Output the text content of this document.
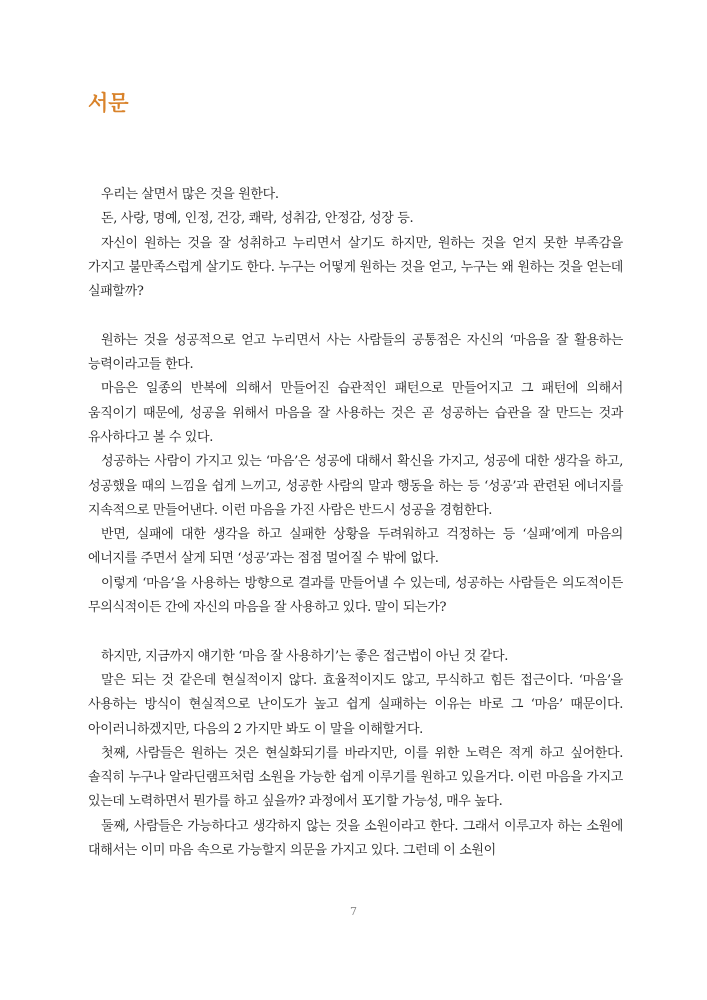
서문

우리는 살면서 많은 것을 원한다.

돈, 사랑, 명예, 인정, 건강, 쾌락, 성취감, 안정감, 성장 등.

자신이 원하는 것을 잘 성취하고 누리면서 살기도 하지만, 원하는 것을 얻지 못한 부족감을 가지고 불만족스럽게 살기도 한다. 누구는 어떻게 원하는 것을 얻고, 누구는 왜 원하는 것을 얻는데 실패할까?

원하는 것을 성공적으로 얻고 누리면서 사는 사람들의 공통점은 자신의 ‘마음을 잘 활용하는 능력이라고들 한다.

마음은 일종의 반복에 의해서 만들어진 습관적인 패턴으로 만들어지고 그 패턴에 의해서 움직이기 때문에, 성공을 위해서 마음을 잘 사용하는 것은 곧 성공하는 습관을 잘 만드는 것과 유사하다고 볼 수 있다.

성공하는 사람이 가지고 있는 ‘마음’은 성공에 대해서 확신을 가지고, 성공에 대한 생각을 하고, 성공했을 때의 느낌을 쉽게 느끼고, 성공한 사람의 말과 행동을 하는 등 ‘성공’과 관련된 에너지를 지속적으로 만들어낸다. 이런 마음을 가진 사람은 반드시 성공을 경험한다.

반면, 실패에 대한 생각을 하고 실패한 상황을 두려워하고 걱정하는 등 ‘실패’에게 마음의 에너지를 주면서 살게 되면 ‘성공’과는 점점 멀어질 수 밖에 없다.

이렇게 ‘마음’을 사용하는 방향으로 결과를 만들어낼 수 있는데, 성공하는 사람들은 의도적이든 무의식적이든 간에 자신의 마음을 잘 사용하고 있다. 말이 되는가?

하지만, 지금까지 얘기한 ‘마음 잘 사용하기’는 좋은 접근법이 아닌 것 같다.

말은 되는 것 같은데 현실적이지 않다. 효율적이지도 않고, 무식하고 힘든 접근이다. ‘마음’을 사용하는 방식이 현실적으로 난이도가 높고 쉽게 실패하는 이유는 바로 그 ‘마음’ 때문이다. 아이러니하겠지만, 다음의 2 가지만 봐도 이 말을 이해할거다.

첫째, 사람들은 원하는 것은 현실화되기를 바라지만, 이를 위한 노력은 적게 하고 싶어한다. 솔직히 누구나 알라딘램프처럼 소원을 가능한 쉽게 이루기를 원하고 있을거다. 이런 마음을 가지고 있는데 노력하면서 뭔가를 하고 싶을까? 과정에서 포기할 가능성, 매우 높다.

둘째, 사람들은 가능하다고 생각하지 않는 것을 소원이라고 한다. 그래서 이루고자 하는 소원에 대해서는 이미 마음 속으로 가능할지 의문을 가지고 있다. 그런데 이 소원이

7
